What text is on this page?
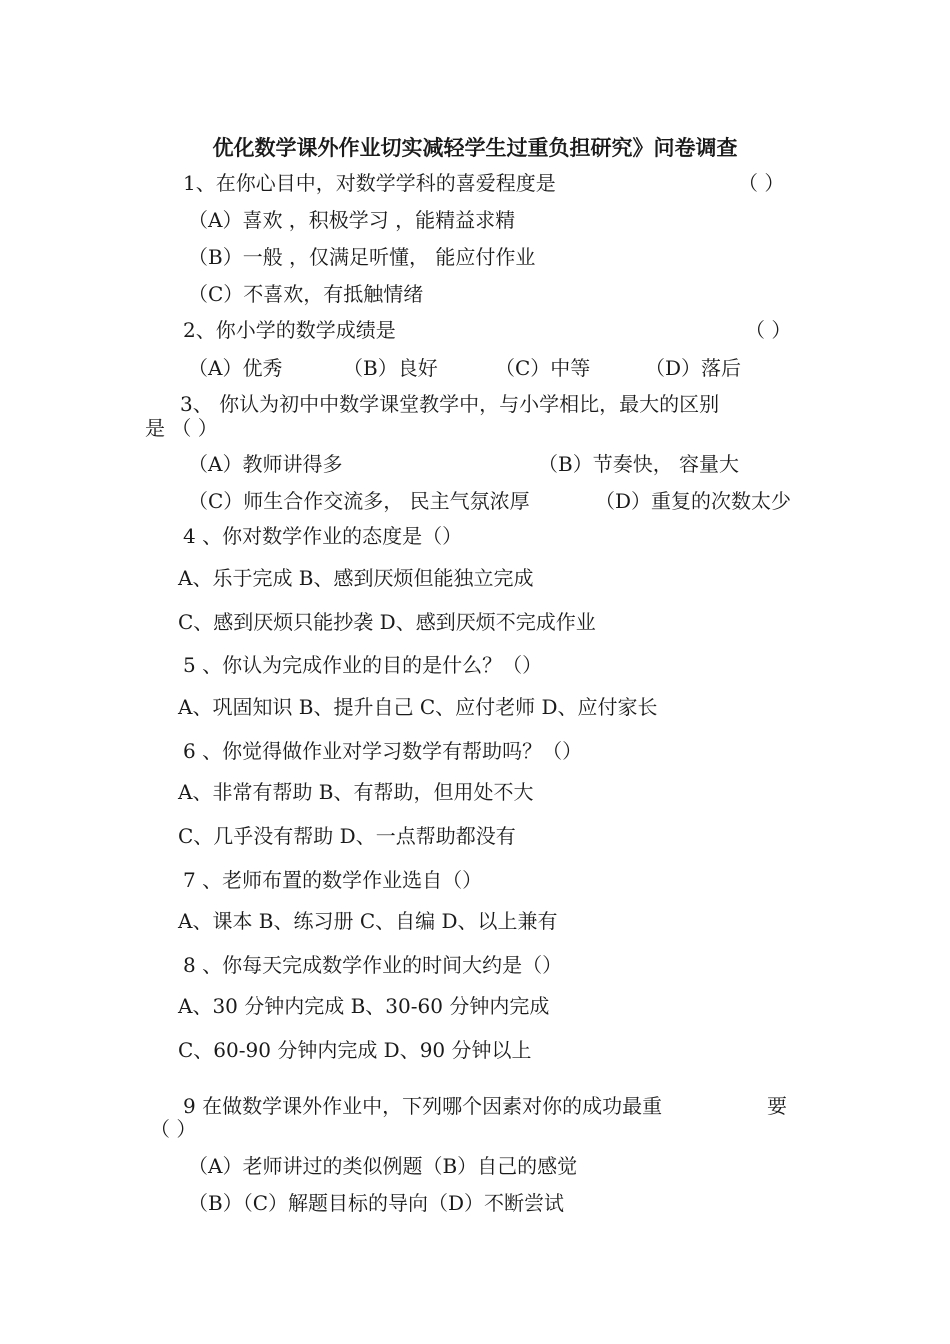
优化数学课外作业切实减轻学生过重负担研究》问卷调查
1、在你心目中，对数学学科的喜爱程度是	（ ）
（A）喜欢 ，积极学习 ，能精益求精
（B）一般 ，仅满足听懂， 能应付作业
（C）不喜欢，有抵触情绪
2、你小学的数学成绩是	（ ）
（A）优秀	（B）良好	（C）中等	（D）落后
3、 你认为初中中数学课堂教学中，与小学相比，最大的区别
是 （ ）
（A）教师讲得多	（B）节奏快， 容量大
（C）师生合作交流多， 民主气氛浓厚	（D）重复的次数太少
4 、你对数学作业的态度是（）
A、乐于完成 B、感到厌烦但能独立完成
C、感到厌烦只能抄袭 D、感到厌烦不完成作业
5 、你认为完成作业的目的是什么？（）
A、巩固知识 B、提升自己 C、应付老师 D、应付家长
6 、你觉得做作业对学习数学有帮助吗？（）
A、非常有帮助 B、有帮助，但用处不大
C、几乎没有帮助 D、一点帮助都没有
7 、老师布置的数学作业选自（）
A、课本 B、练习册 C、自编 D、以上兼有
8 、你每天完成数学作业的时间大约是（）
A、30 分钟内完成 B、30-60 分钟内完成
C、60-90 分钟内完成 D、90 分钟以上
9 在做数学课外作业中，下列哪个因素对你的成功最重	要
（ ）
（A）老师讲过的类似例题（B）自己的感觉
（B）（C）解题目标的导向（D）不断尝试
